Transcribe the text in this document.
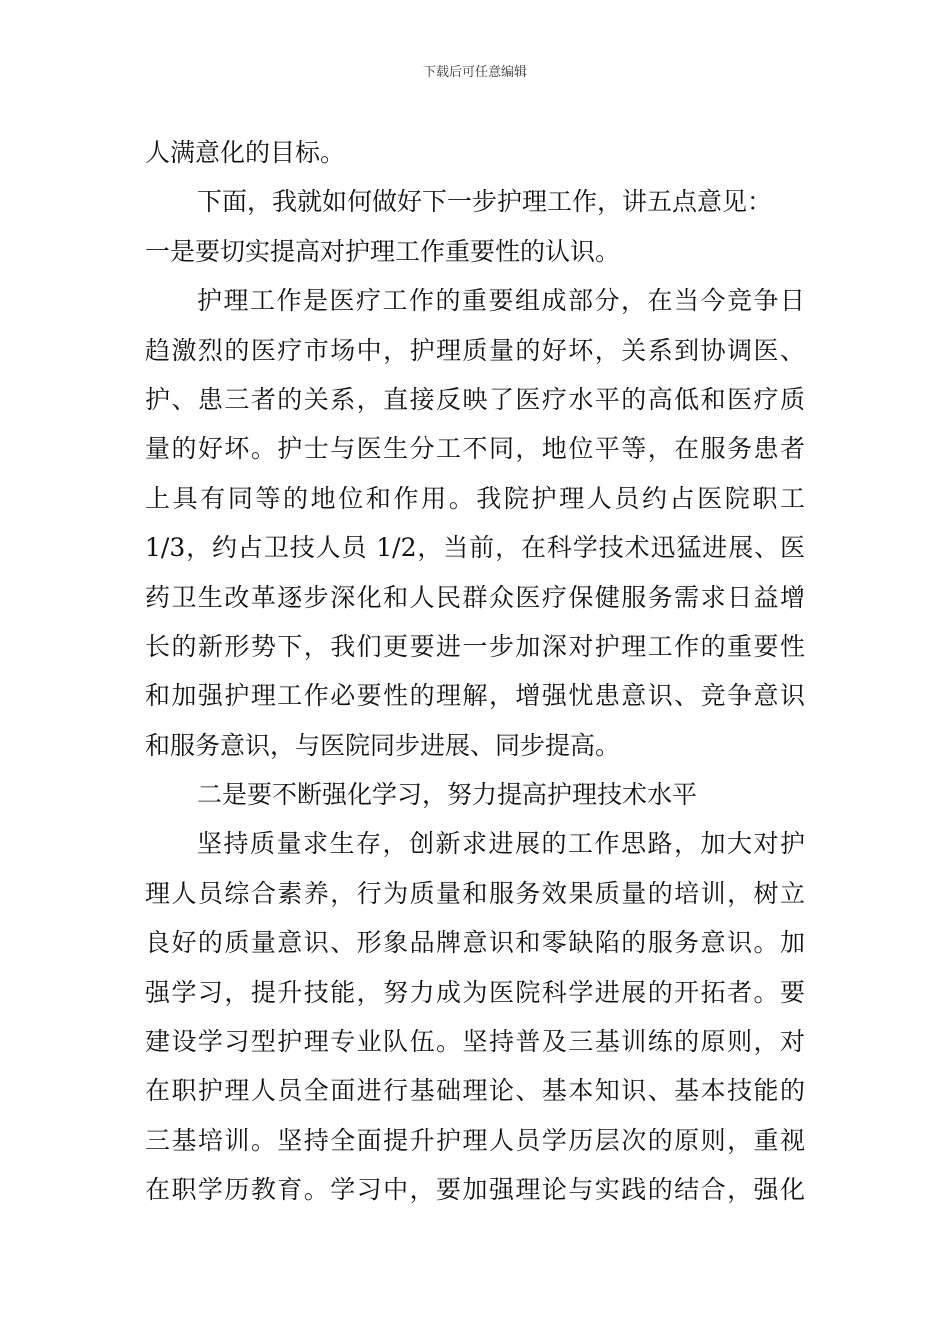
下载后可任意编辑
人满意化的目标。
下面，我就如何做好下一步护理工作，讲五点意见：
一是要切实提高对护理工作重要性的认识。
护理工作是医疗工作的重要组成部分，在当今竞争日
趋激烈的医疗市场中，护理质量的好坏，关系到协调医、
护、患三者的关系，直接反映了医疗水平的高低和医疗质
量的好坏。护士与医生分工不同，地位平等，在服务患者
上具有同等的地位和作用。我院护理人员约占医院职工
1/3，约占卫技人员 1/2，当前，在科学技术迅猛进展、医
药卫生改革逐步深化和人民群众医疗保健服务需求日益增
长的新形势下，我们更要进一步加深对护理工作的重要性
和加强护理工作必要性的理解，增强忧患意识、竞争意识
和服务意识，与医院同步进展、同步提高。
二是要不断强化学习，努力提高护理技术水平
坚持质量求生存，创新求进展的工作思路，加大对护
理人员综合素养，行为质量和服务效果质量的培训，树立
良好的质量意识、形象品牌意识和零缺陷的服务意识。加
强学习，提升技能，努力成为医院科学进展的开拓者。要
建设学习型护理专业队伍。坚持普及三基训练的原则，对
在职护理人员全面进行基础理论、基本知识、基本技能的
三基培训。坚持全面提升护理人员学历层次的原则，重视
在职学历教育。学习中，要加强理论与实践的结合，强化
